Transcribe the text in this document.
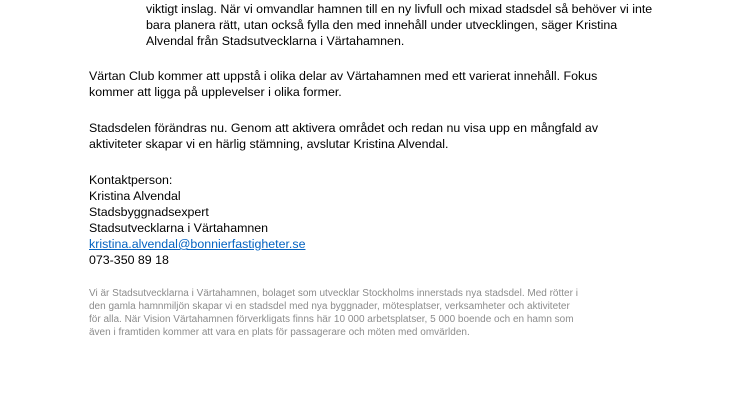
viktigt inslag. När vi omvandlar hamnen till en ny livfull och mixad stadsdel så behöver vi inte
bara planera rätt, utan också fylla den med innehåll under utvecklingen, säger Kristina
Alvendal från Stadsutvecklarna i Värtahamnen.
Värtan Club kommer att uppstå i olika delar av Värtahamnen med ett varierat innehåll. Fokus
kommer att ligga på upplevelser i olika former.
Stadsdelen förändras nu. Genom att aktivera området och redan nu visa upp en mångfald av
aktiviteter skapar vi en härlig stämning, avslutar Kristina Alvendal.
Kontaktperson:
Kristina Alvendal
Stadsbyggnadsexpert
Stadsutvecklarna i Värtahamnen
kristina.alvendal@bonnierfastigheter.se
073-350 89 18
Vi är Stadsutvecklarna i Värtahamnen, bolaget som utvecklar Stockholms innerstads nya stadsdel. Med rötter i
den gamla hamnmiljön skapar vi en stadsdel med nya byggnader, mötesplatser, verksamheter och aktiviteter
för alla. När Vision Värtahamnen förverkligats finns här 10 000 arbetsplatser, 5 000 boende och en hamn som
även i framtiden kommer att vara en plats för passagerare och möten med omvärlden.
